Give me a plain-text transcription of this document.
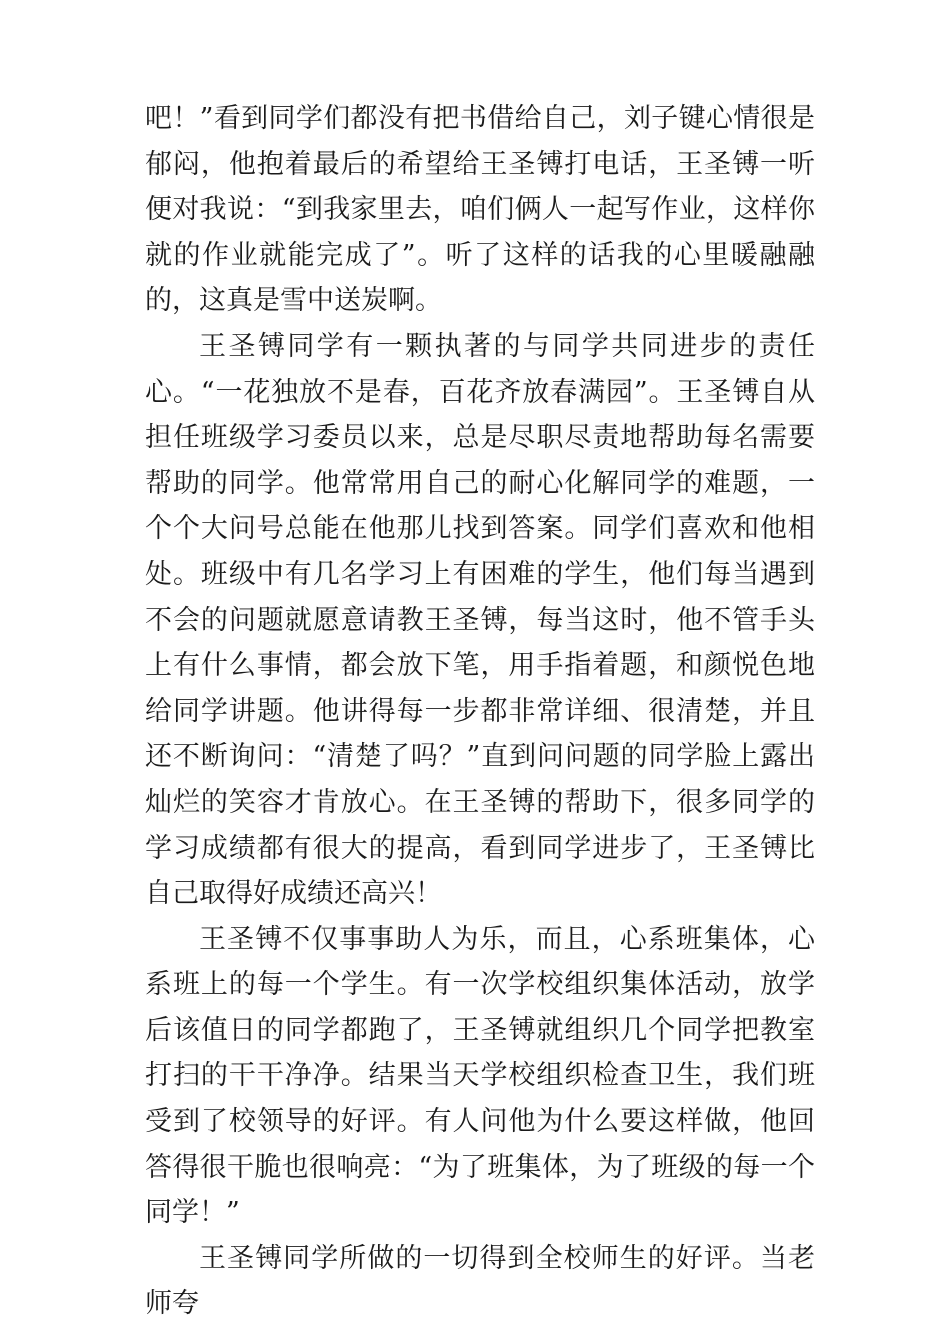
吧！”看到同学们都没有把书借给自己，刘子键心情很是郁闷，他抱着最后的希望给王圣镈打电话，王圣镈一听便对我说：“到我家里去，咱们俩人一起写作业，这样你就的作业就能完成了”。听了这样的话我的心里暖融融的，这真是雪中送炭啊。

王圣镈同学有一颗执著的与同学共同进步的责任心。“一花独放不是春，百花齐放春满园”。王圣镈自从担任班级学习委员以来，总是尽职尽责地帮助每名需要帮助的同学。他常常用自己的耐心化解同学的难题，一个个大问号总能在他那儿找到答案。同学们喜欢和他相处。班级中有几名学习上有困难的学生，他们每当遇到不会的问题就愿意请教王圣镈，每当这时，他不管手头上有什么事情，都会放下笔，用手指着题，和颜悦色地给同学讲题。他讲得每一步都非常详细、很清楚，并且还不断询问：“清楚了吗？”直到问问题的同学脸上露出灿烂的笑容才肯放心。在王圣镈的帮助下，很多同学的学习成绩都有很大的提高，看到同学进步了，王圣镈比自己取得好成绩还高兴！

王圣镈不仅事事助人为乐，而且，心系班集体，心系班上的每一个学生。有一次学校组织集体活动，放学后该值日的同学都跑了，王圣镈就组织几个同学把教室打扫的干干净净。结果当天学校组织检查卫生，我们班受到了校领导的好评。有人问他为什么要这样做，他回答得很干脆也很响亮：“为了班集体，为了班级的每一个同学！”

王圣镈同学所做的一切得到全校师生的好评。当老师夸
